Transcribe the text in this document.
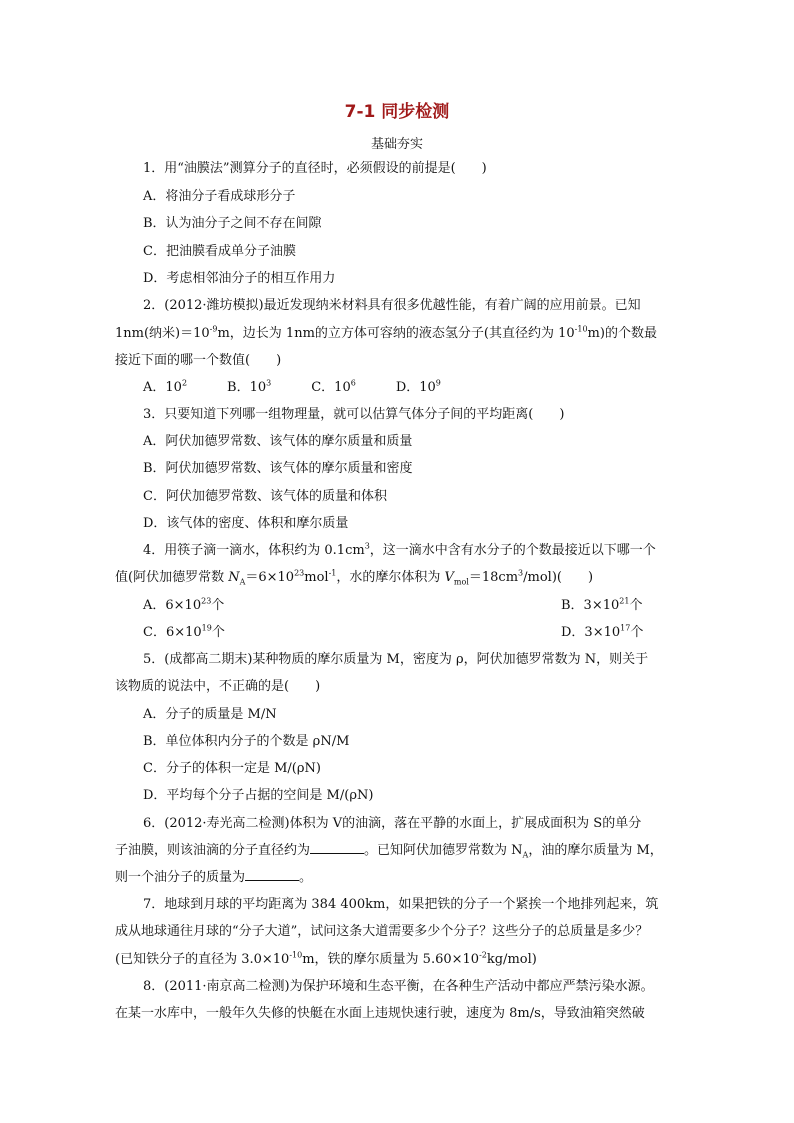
7-1 同步检测
基础夯实
1．用“油膜法”测算分子的直径时，必须假设的前提是(　　)
A．将油分子看成球形分子
B．认为油分子之间不存在间隙
C．把油膜看成单分子油膜
D．考虑相邻油分子的相互作用力
2．(2012·潍坊模拟)最近发现纳米材料具有很多优越性能，有着广阔的应用前景。已知
1nm(纳米)$=10^{-9}m$，边长为 1nm的立方体可容纳的液态氢分子(其直径约为 $10^{-10}m$)的个数最
接近下面的哪一个数值(　　)
A．$10^2$	B．$10^3$	C．$10^6$	D．$10^9$
3．只要知道下列哪一组物理量，就可以估算气体分子间的平均距离(　　)
A．阿伏加德罗常数、该气体的摩尔质量和质量
B．阿伏加德罗常数、该气体的摩尔质量和密度
C．阿伏加德罗常数、该气体的质量和体积
D．该气体的密度、体积和摩尔质量
4．用筷子滴一滴水，体积约为 $0.1cm^3$，这一滴水中含有水分子的个数最接近以下哪一个
值(阿伏加德罗常数 $N_A=6\times 10^{23}mol^{-1}$，水的摩尔体积为 $V_{mol}=18cm^3/mol$)(　　)
A．$6\times 10^{23}$个	B．$3\times 10^{21}$个
C．$6\times 10^{19}$个	D．$3\times 10^{17}$个
5．(成都高二期末)某种物质的摩尔质量为 M，密度为 ρ，阿伏加德罗常数为 N，则关于
该物质的说法中，不正确的是(　　)
A．分子的质量是 M/N
B．单位体积内分子的个数是 ρN/M
C．分子的体积一定是 M/(ρN)
D．平均每个分子占据的空间是 M/(ρN)
6．(2012·寿光高二检测)体积为 V的油滴，落在平静的水面上，扩展成面积为 S的单分
子油膜，则该油滴的分子直径约为	。已知阿伏加德罗常数为 $N_A$，油的摩尔质量为 M，
则一个油分子的质量为	。
7．地球到月球的平均距离为 384 400km，如果把铁的分子一个紧挨一个地排列起来，筑
成从地球通往月球的“分子大道”，试问这条大道需要多少个分子？这些分子的总质量是多少？
(已知铁分子的直径为 $3.0\times 10^{-10}m$，铁的摩尔质量为 $5.60\times 10^{-2}kg/mol$)
8．(2011·南京高二检测)为保护环境和生态平衡，在各种生产活动中都应严禁污染水源。
在某一水库中，一般年久失修的快艇在水面上违规快速行驶，速度为 8m/s，导致油箱突然破
